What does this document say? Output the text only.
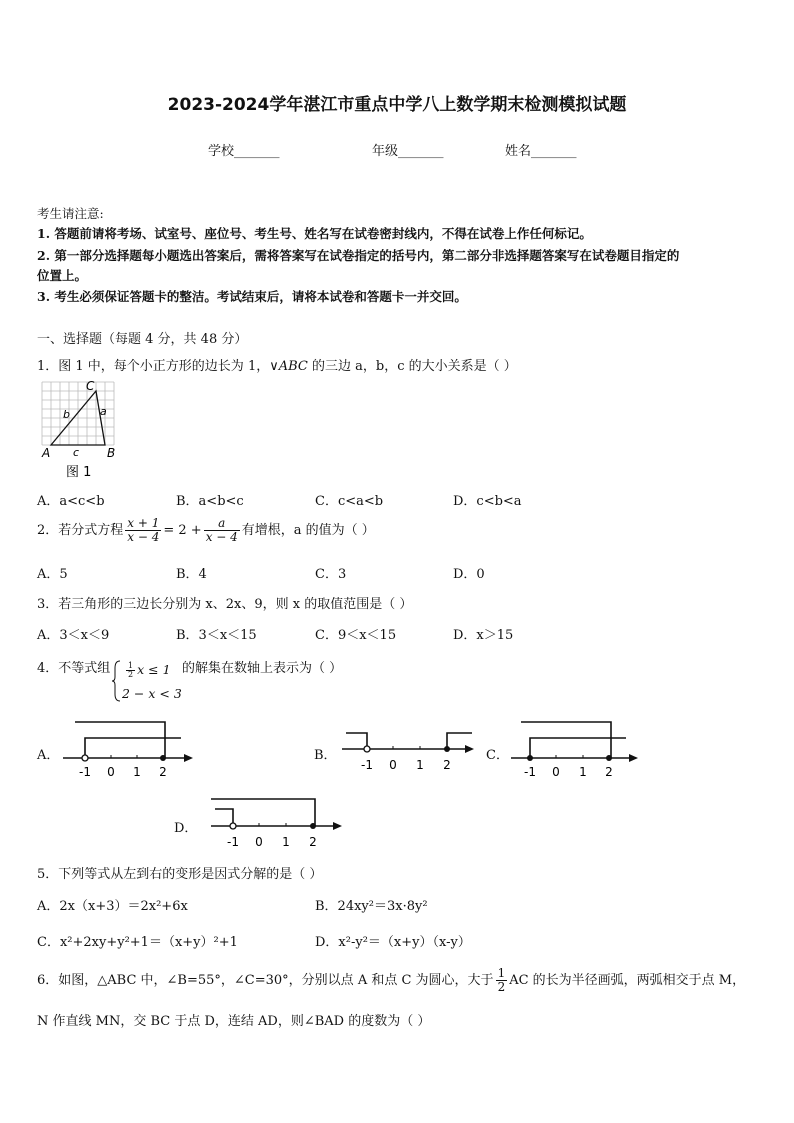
2023-2024学年湛江市重点中学八上数学期末检测模拟试题
学校_______	年级_______	姓名_______
考生请注意:
1. 答题前请将考场、试室号、座位号、考生号、姓名写在试卷密封线内，不得在试卷上作任何标记。
2. 第一部分选择题每小题选出答案后，需将答案写在试卷指定的括号内，第二部分非选择题答案写在试卷题目指定的
位置上。
3. 考生必须保证答题卡的整洁。考试结束后，请将本试卷和答题卡一并交回。
一、选择题（每题 4 分，共 48 分）
1．图 1 中，每个小正方形的边长为 1，∨ABC 的三边 a，b，c 的大小关系是（ ）
C
A	B
a
b
c
图 1
A．a<c<b	B．a<b<c	C．c<a<b	D．c<b<a
2．若分式方程 $\frac{x + 1}{x - 4} = 2 + \frac{a}{x - 4}$ 有增根，a 的值为（ ）
A．5	B．4	C．3	D．0
3．若三角形的三边长分别为 x、2x、9，则 x 的取值范围是（ ）
A．3＜x＜9	B．3＜x＜15	C．9＜x＜15	D．x＞15
4．不等式组 $\frac{1}{2}$ x ≤ 1
2 − x < 3
的解集在数轴上表示为（ ）
A．
-1 0 1 2
B．
-1 0 1 2
C．
-1 0 1 2
D．
-1 0 1 2
5．下列等式从左到右的变形是因式分解的是（ ）
A．2x（x+3）＝2x²+6x	B．24xy²＝3x·8y²
C．x²+2xy+y²+1＝（x+y）²+1	D．x²-y²＝（x+y）（x-y）
6．如图，△ABC 中，∠B=55°，∠C=30°，分别以点 A 和点 C 为圆心，大于 $\frac{1}{2}$ AC 的长为半径画弧，两弧相交于点 M，
N 作直线 MN，交 BC 于点 D，连结 AD，则∠BAD 的度数为（ ）
